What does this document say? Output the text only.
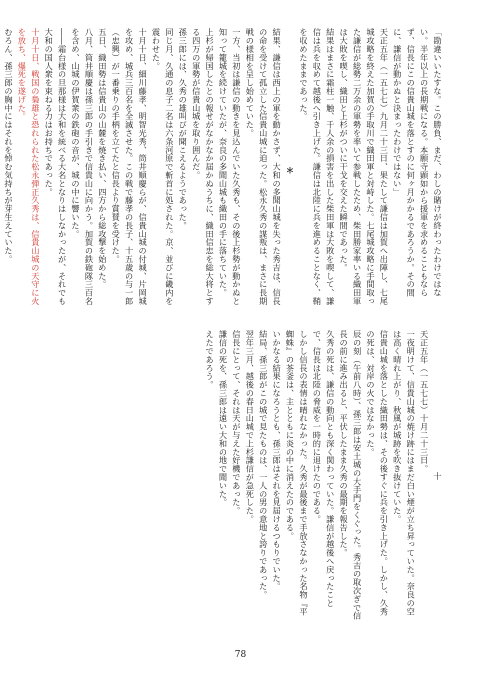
「勘違いいたすな。この勝負、まだ、わしの賭けが終わったわけではない。半年以上の長期戦になる。本願寺顕如から援軍を求めることもならず、信長にこの信貴山城を落とすのに何ヶ月かかるであろうか。その間に、謙信が動かぬと決まったわけではない」

天正五年（一五七七）九月二十三日、果たして謙信は加賀へ出陣し、七尾城攻略を終えた加賀の手取川で織田軍と対峙した。七尾城攻略に手間取った謙信が総勢二万余の軍勢を率いて参戦したため、柴田勝家率いる織田軍は大敗を喫し、織田と上杉がついに干戈を交えた瞬間であった。

結果はまさに霜柱一触、千人余の損害を出した柴田軍は大敗を喫して、謙信は兵を収めて越後へ引き上げた。謙信は北陸に兵を進めることなく、鞘を収めたままであった。

＊

結果、謙信は西上の軍を動かさず、大和の多聞山城を失った秀吉は、信長の命を受けて孤立した信貴山城に迫った。松永久秀の謀叛は、まさに長期戦の様相を呈し始めていた。

一方、当初は謙信の動きを見込んでいた久秀も、その後上杉勢が動かぬと知って籠城を続けていたが、奈良の多聞山城も織田の手に落ちていた。

上杉が帰国したとの報せがなかなか届かぬうちに、織田信忠を総大将とする四万の軍勢が信貴山城を取り囲んだ。

孫三郎には、久秀の雄叫びが聞こえるようであった。

同じ月、久通の息子二名は六条河原で斬首に処された。京、並びに畿内を震わせた。

十月十日、細川藤孝、明智光秀、筒井順慶らが、信貴山城の付城、片岡城を攻め、城兵三百名を全滅させた。この戦で藤孝の長子、十五歳の与一郎（忠興）が一番乗りの手柄を立てたと信長より賞賛を受けた。

五日、織田勢は信貴山の山麓を焼き払い、四方から総攻撃を始めた。

八月、筒井順慶は孫三郎の手引きで信貴山に向かう。加賀の鉄砲隊三百名を含め、山城の伊賀衆の鉄砲の音が、城の中に響いた。

――霜台様の旦那様は大和を統べる大名となりはしなかったが、それでも大和の国人衆を束ねる力はお持ちであった。

十月十日、戦国の梟雄と恐れられた松永弾正久秀は、信貴山城の天守に火を放ち、爆死を遂げた。

むろん、孫三郎の胸中にはそれを悼む気持ちが芽生えていた。

十

天正五年（一五七七）十月二十三日。

一夜明けて、信貴山城の焼け跡にはまだ白い煙が立ち昇っていた。奈良の空は高く晴れ上がり、秋風が城跡を吹き抜けていた。

信貴山城を落とした織田勢は、その後すぐに兵を引き上げた。しかし、久秀の死は、対岸の火ではなかった。

辰の刻（午前八時）、孫三郎は安土城の大手門をくぐった。秀吉の取次ぎで信長の前に進み出ると、平伏したまま久秀の最期を報告した。

久秀の死は、謙信の動向とも深く関わっていた。謙信が越後へ戻ったことで、信長は北陸の脅威を一時的に退けたのである。

しかし信長の表情は晴れなかった。久秀が最後まで手放さなかった名物『平蜘蛛』の茶釜は、主とともに炎の中に消えたのである。

いかなる結果になろうとも、孫三郎はそれを見届けるつもりでいた。

結局、孫三郎がこの城で見たものは、一人の男の意地と誇りであった。

翌年三月、越後の春日山城で上杉謙信が急死した。

信長にとって、それは天が与えた好機であった。

謙信の死を、孫三郎は遠い大和の地で聞いた。

えたであろう。

78
